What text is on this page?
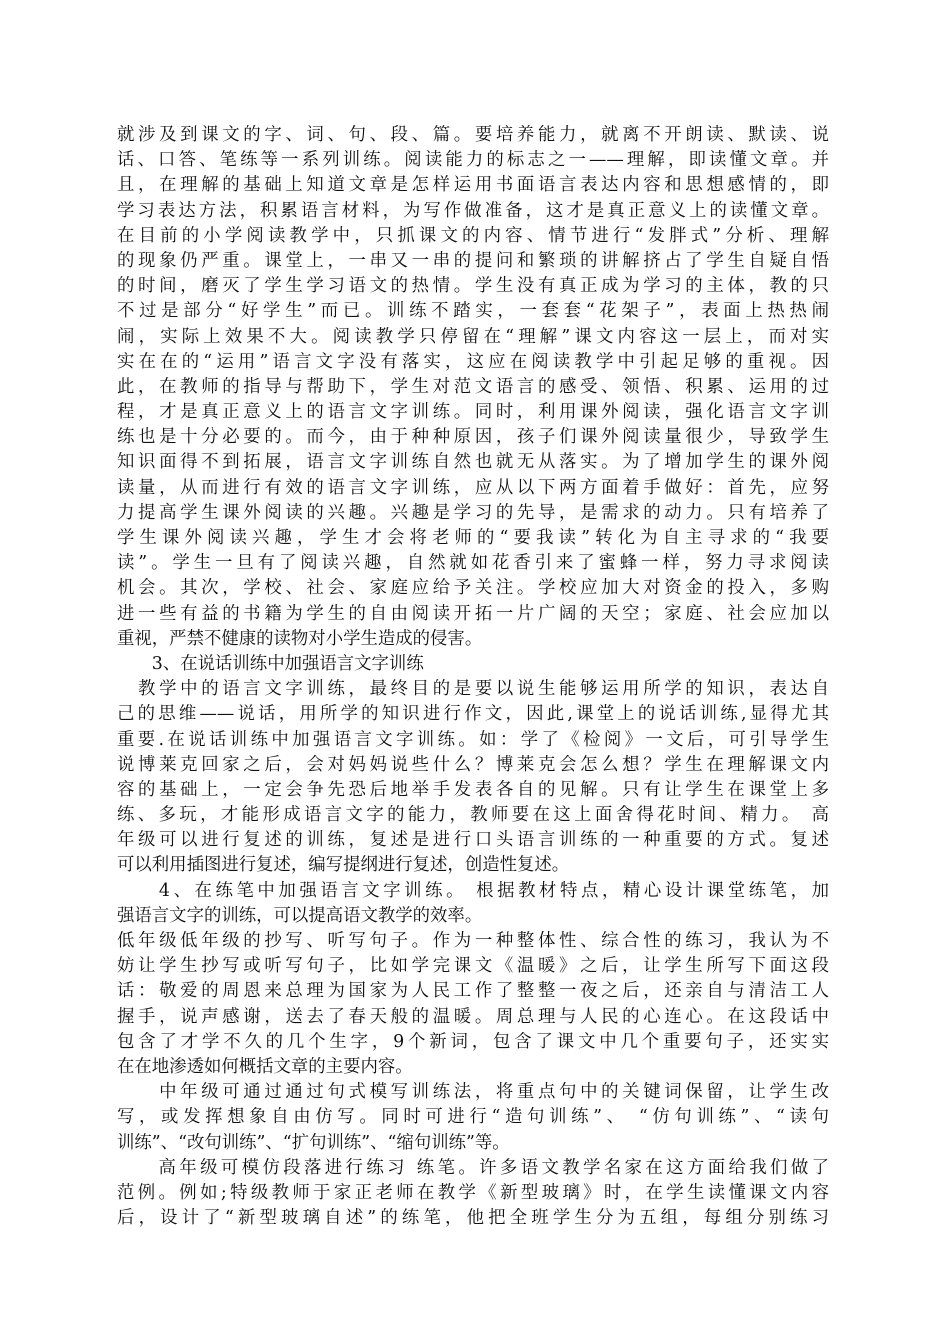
就涉及到课文的字、词、句、段、篇。要培养能力，就离不开朗读、默读、说
话、口答、笔练等一系列训练。阅读能力的标志之一——理解，即读懂文章。并
且，在理解的基础上知道文章是怎样运用书面语言表达内容和思想感情的，即
学习表达方法，积累语言材料，为写作做准备，这才是真正意义上的读懂文章。
在目前的小学阅读教学中，只抓课文的内容、情节进行“发胖式”分析、理解
的现象仍严重。课堂上，一串又一串的提问和繁琐的讲解挤占了学生自疑自悟
的时间，磨灭了学生学习语文的热情。学生没有真正成为学习的主体，教的只
不过是部分“好学生”而已。训练不踏实，一套套“花架子”，表面上热热闹
闹，实际上效果不大。阅读教学只停留在“理解”课文内容这一层上，而对实
实在在的“运用”语言文字没有落实，这应在阅读教学中引起足够的重视。因
此，在教师的指导与帮助下，学生对范文语言的感受、领悟、积累、运用的过
程，才是真正意义上的语言文字训练。同时，利用课外阅读，强化语言文字训
练也是十分必要的。而今，由于种种原因，孩子们课外阅读量很少，导致学生
知识面得不到拓展，语言文字训练自然也就无从落实。为了增加学生的课外阅
读量，从而进行有效的语言文字训练，应从以下两方面着手做好：首先，应努
力提高学生课外阅读的兴趣。兴趣是学习的先导，是需求的动力。只有培养了
学生课外阅读兴趣，学生才会将老师的“要我读”转化为自主寻求的“我要
读”。学生一旦有了阅读兴趣，自然就如花香引来了蜜蜂一样，努力寻求阅读
机会。其次，学校、社会、家庭应给予关注。学校应加大对资金的投入，多购
进一些有益的书籍为学生的自由阅读开拓一片广阔的天空；家庭、社会应加以
重视，严禁不健康的读物对小学生造成的侵害。
　　3、在说话训练中加强语言文字训练
　教学中的语言文字训练，最终目的是要以说生能够运用所学的知识，表达自
己的思维——说话，用所学的知识进行作文，因此,课堂上的说话训练,显得尤其
重要.在说话训练中加强语言文字训练。如：学了《检阅》一文后，可引导学生
说博莱克回家之后，会对妈妈说些什么？博莱克会怎么想？学生在理解课文内
容的基础上，一定会争先恐后地举手发表各自的见解。只有让学生在课堂上多
练、多玩，才能形成语言文字的能力，教师要在这上面舍得花时间、精力。 高
年级可以进行复述的训练，复述是进行口头语言训练的一种重要的方式。复述
可以利用插图进行复述，编写提纲进行复述，创造性复述。
　　4、在练笔中加强语言文字训练。 根据教材特点，精心设计课堂练笔，加
强语言文字的训练，可以提高语文教学的效率。
低年级低年级的抄写、听写句子。作为一种整体性、综合性的练习，我认为不
妨让学生抄写或听写句子，比如学完课文《温暖》之后，让学生所写下面这段
话：敬爱的周恩来总理为国家为人民工作了整整一夜之后，还亲自与清洁工人
握手，说声感谢，送去了春天般的温暖。周总理与人民的心连心。在这段话中
包含了才学不久的几个生字，9个新词，包含了课文中几个重要句子，还实实
在在地渗透如何概括文章的主要内容。
　　中年级可通过通过句式模写训练法，将重点句中的关键词保留，让学生改
写，或发挥想象自由仿写。同时可进行“造句训练”、 “仿句训练”、“读句
训练”、“改句训练”、“扩句训练”、“缩句训练”等。
　　高年级可模仿段落进行练习 练笔。许多语文教学名家在这方面给我们做了
范例。例如;特级教师于家正老师在教学《新型玻璃》时，在学生读懂课文内容
后，设计了“新型玻璃自述”的练笔，他把全班学生分为五组，每组分别练习
